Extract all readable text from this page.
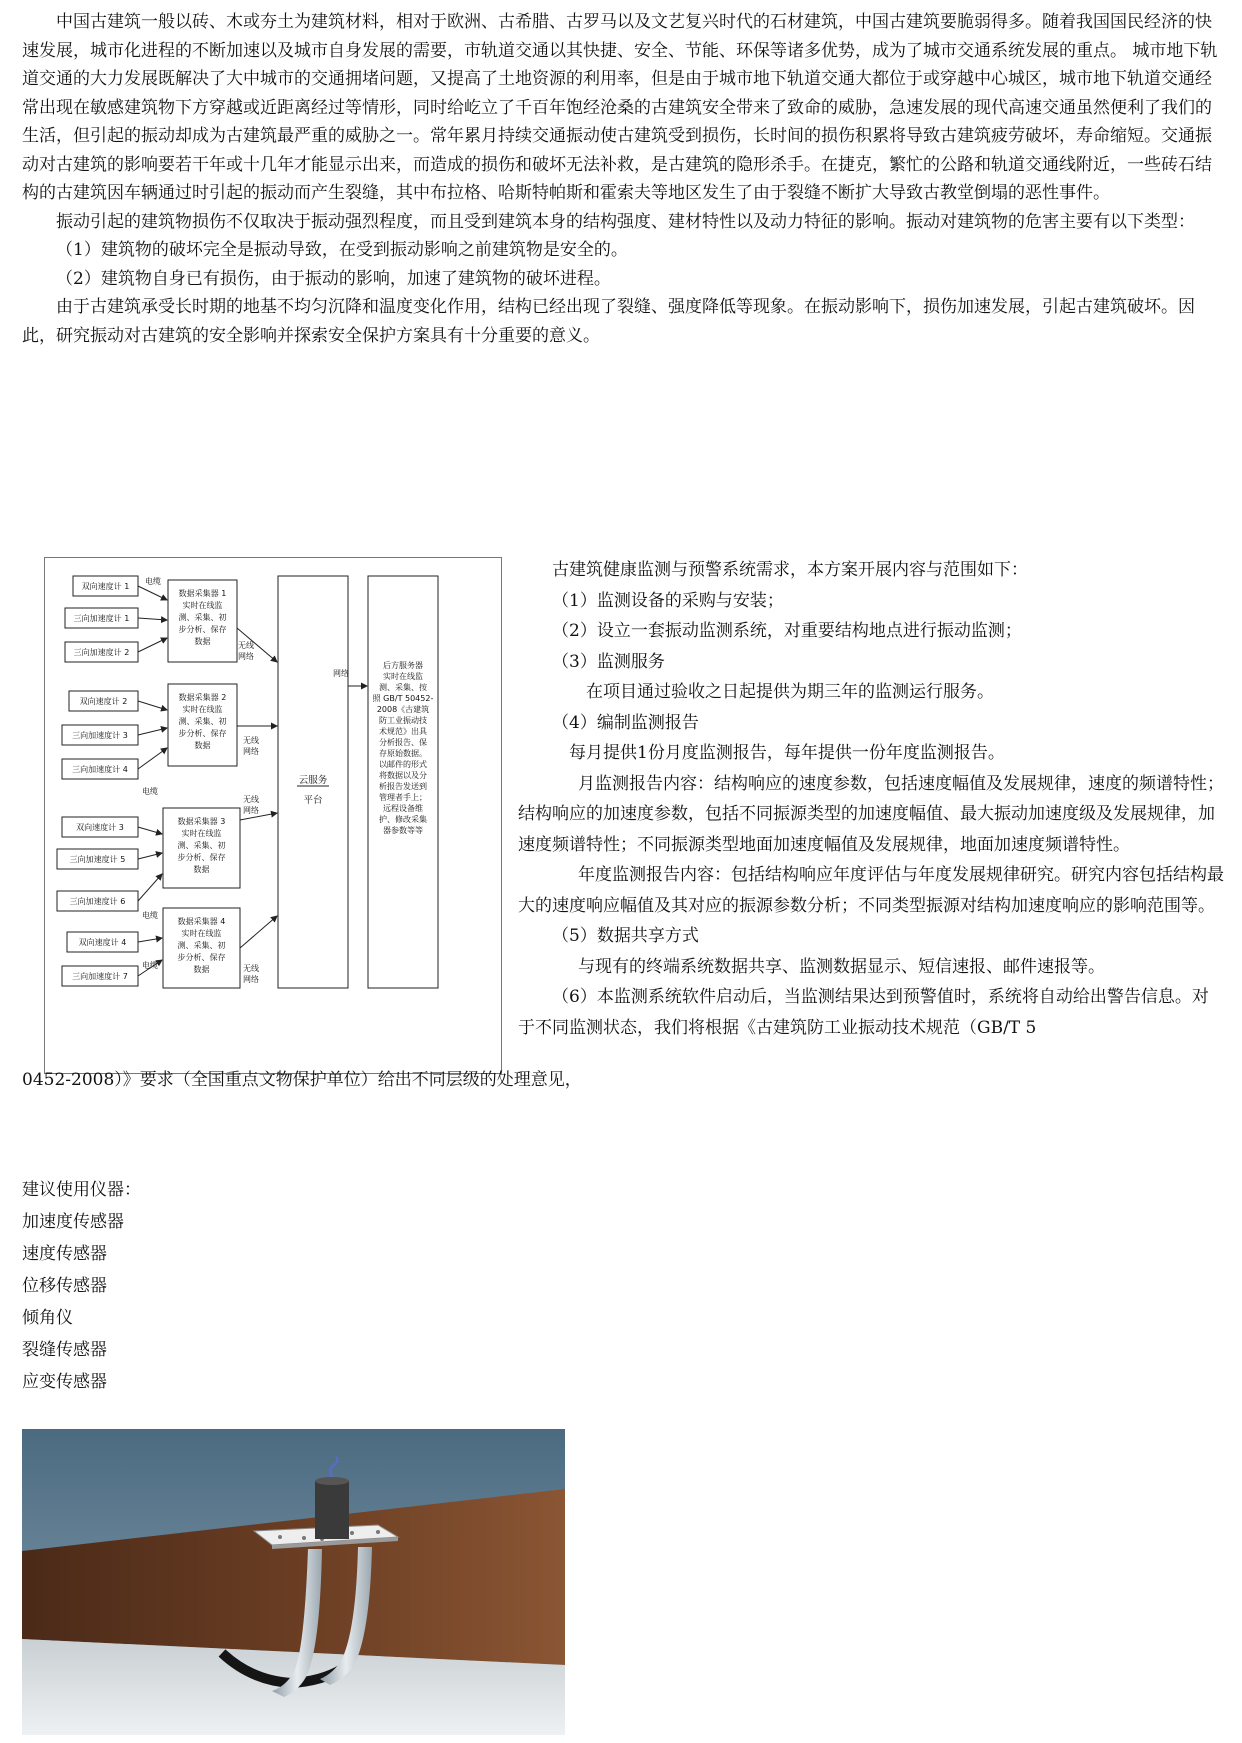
中国古建筑一般以砖、木或夯土为建筑材料，相对于欧洲、古希腊、古罗马以及文艺复兴时代的石材建筑，中国古建筑要脆弱得多。随着我国国民经济的快速发展，城市化进程的不断加速以及城市自身发展的需要，市轨道交通以其快捷、安全、节能、环保等诸多优势，成为了城市交通系统发展的重点。 城市地下轨道交通的大力发展既解决了大中城市的交通拥堵问题，又提高了土地资源的利用率，但是由于城市地下轨道交通大都位于或穿越中心城区，城市地下轨道交通经常出现在敏感建筑物下方穿越或近距离经过等情形，同时给屹立了千百年饱经沧桑的古建筑安全带来了致命的威胁，急速发展的现代高速交通虽然便利了我们的生活，但引起的振动却成为古建筑最严重的威胁之一。常年累月持续交通振动使古建筑受到损伤，长时间的损伤积累将导致古建筑疲劳破坏，寿命缩短。交通振动对古建筑的影响要若干年或十几年才能显示出来，而造成的损伤和破坏无法补救，是古建筑的隐形杀手。在捷克，繁忙的公路和轨道交通线附近，一些砖石结构的古建筑因车辆通过时引起的振动而产生裂缝，其中布拉格、哈斯特帕斯和霍索夫等地区发生了由于裂缝不断扩大导致古教堂倒塌的恶性事件。

振动引起的建筑物损伤不仅取决于振动强烈程度，而且受到建筑本身的结构强度、建材特性以及动力特征的影响。振动对建筑物的危害主要有以下类型：

（1）建筑物的破坏完全是振动导致，在受到振动影响之前建筑物是安全的。

（2）建筑物自身已有损伤，由于振动的影响，加速了建筑物的破坏进程。

由于古建筑承受长时期的地基不均匀沉降和温度变化作用，结构已经出现了裂缝、强度降低等现象。在振动影响下，损伤加速发展，引起古建筑破坏。因此，研究振动对古建筑的安全影响并探索安全保护方案具有十分重要的意义。

双向速度计 1
三向加速度计 1
三向加速度计 2
双向速度计 2
三向加速度计 3
三向加速度计 4
双向速度计 3
三向加速度计 5
三向加速度计 6
双向速度计 4
三向加速度计 7
电缆
电缆
电缆
电缆
数据采集器 1
实时在线监
测、采集、初
步分析、保存
数据
数据采集器 2
实时在线监
测、采集、初
步分析、保存
数据
数据采集器 3
实时在线监
测、采集、初
步分析、保存
数据
数据采集器 4
实时在线监
测、采集、初
步分析、保存
数据
云服务
平台
无线
网络
无线
网络
无线
网络
无线
网络
网络
后方服务器
实时在线监
测、采集、按
照 GB/T 50452-
2008《古建筑
防工业振动技
术规范》出具
分析报告、保
存原始数据。
以邮件的形式
将数据以及分
析报告发送到
管理者手上；
远程设备维
护、修改采集
器参数等等

古建筑健康监测与预警系统需求，本方案开展内容与范围如下：

（1）监测设备的采购与安装；

（2）设立一套振动监测系统，对重要结构地点进行振动监测；

（3）监测服务

在项目通过验收之日起提供为期三年的监测运行服务。

（4）编制监测报告

每月提供1份月度监测报告，每年提供一份年度监测报告。

月监测报告内容：结构响应的速度参数，包括速度幅值及发展规律，速度的频谱特性；结构响应的加速度参数，包括不同振源类型的加速度幅值、最大振动加速度级及发展规律，加速度频谱特性；不同振源类型地面加速度幅值及发展规律，地面加速度频谱特性。

年度监测报告内容：包括结构响应年度评估与年度发展规律研究。研究内容包括结构最大的速度响应幅值及其对应的振源参数分析；不同类型振源对结构加速度响应的影响范围等。

（5）数据共享方式

与现有的终端系统数据共享、监测数据显示、短信速报、邮件速报等。

（6）本监测系统软件启动后，当监测结果达到预警值时，系统将自动给出警告信息。对于不同监测状态，我们将根据《古建筑防工业振动技术规范（GB/T 5

0452-2008）》要求（全国重点文物保护单位）给出不同层级的处理意见，

建议使用仪器：

加速度传感器

速度传感器

位移传感器

倾角仪

裂缝传感器

应变传感器
